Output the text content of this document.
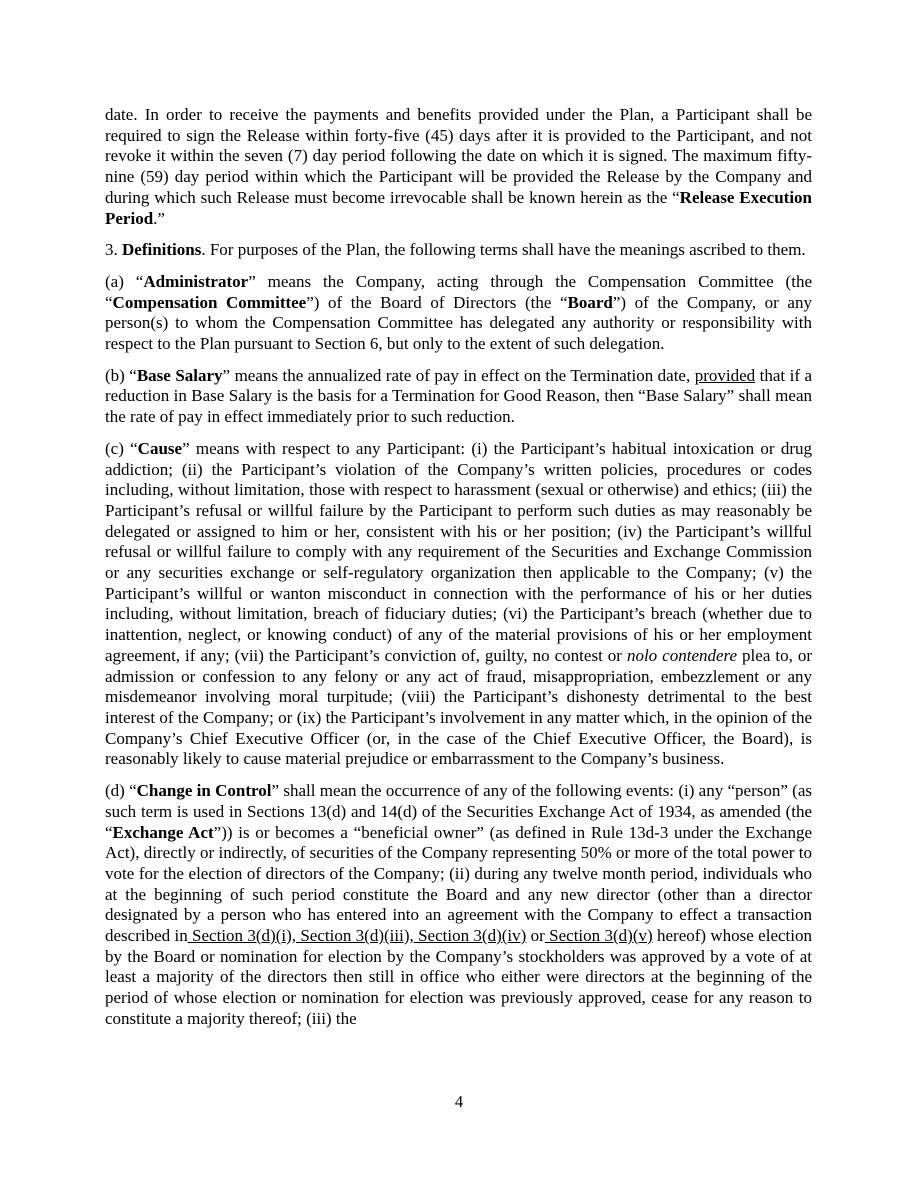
date. In order to receive the payments and benefits provided under the Plan, a Participant shall be required to sign the Release within forty-five (45) days after it is provided to the Participant, and not revoke it within the seven (7) day period following the date on which it is signed. The maximum fifty-nine (59) day period within which the Participant will be provided the Release by the Company and during which such Release must become irrevocable shall be known herein as the “Release Execution Period.”

3. Definitions. For purposes of the Plan, the following terms shall have the meanings ascribed to them.

(a) “Administrator” means the Company, acting through the Compensation Committee (the “Compensation Committee”) of the Board of Directors (the “Board”) of the Company, or any person(s) to whom the Compensation Committee has delegated any authority or responsibility with respect to the Plan pursuant to Section 6, but only to the extent of such delegation.

(b) “Base Salary” means the annualized rate of pay in effect on the Termination date, provided that if a reduction in Base Salary is the basis for a Termination for Good Reason, then “Base Salary” shall mean the rate of pay in effect immediately prior to such reduction.

(c) “Cause” means with respect to any Participant: (i) the Participant’s habitual intoxication or drug addiction; (ii) the Participant’s violation of the Company’s written policies, procedures or codes including, without limitation, those with respect to harassment (sexual or otherwise) and ethics; (iii) the Participant’s refusal or willful failure by the Participant to perform such duties as may reasonably be delegated or assigned to him or her, consistent with his or her position; (iv) the Participant’s willful refusal or willful failure to comply with any requirement of the Securities and Exchange Commission or any securities exchange or self-regulatory organization then applicable to the Company; (v) the Participant’s willful or wanton misconduct in connection with the performance of his or her duties including, without limitation, breach of fiduciary duties; (vi) the Participant’s breach (whether due to inattention, neglect, or knowing conduct) of any of the material provisions of his or her employment agreement, if any; (vii) the Participant’s conviction of, guilty, no contest or nolo contendere plea to, or admission or confession to any felony or any act of fraud, misappropriation, embezzlement or any misdemeanor involving moral turpitude; (viii) the Participant’s dishonesty detrimental to the best interest of the Company; or (ix) the Participant’s involvement in any matter which, in the opinion of the Company’s Chief Executive Officer (or, in the case of the Chief Executive Officer, the Board), is reasonably likely to cause material prejudice or embarrassment to the Company’s business.

(d) “Change in Control” shall mean the occurrence of any of the following events: (i) any “person” (as such term is used in Sections 13(d) and 14(d) of the Securities Exchange Act of 1934, as amended (the “Exchange Act”)) is or becomes a “beneficial owner” (as defined in Rule 13d-3 under the Exchange Act), directly or indirectly, of securities of the Company representing 50% or more of the total power to vote for the election of directors of the Company; (ii) during any twelve month period, individuals who at the beginning of such period constitute the Board and any new director (other than a director designated by a person who has entered into an agreement with the Company to effect a transaction described in Section 3(d)(i), Section 3(d)(iii), Section 3(d)(iv) or Section 3(d)(v) hereof) whose election by the Board or nomination for election by the Company’s stockholders was approved by a vote of at least a majority of the directors then still in office who either were directors at the beginning of the period of whose election or nomination for election was previously approved, cease for any reason to constitute a majority thereof; (iii) the

4
